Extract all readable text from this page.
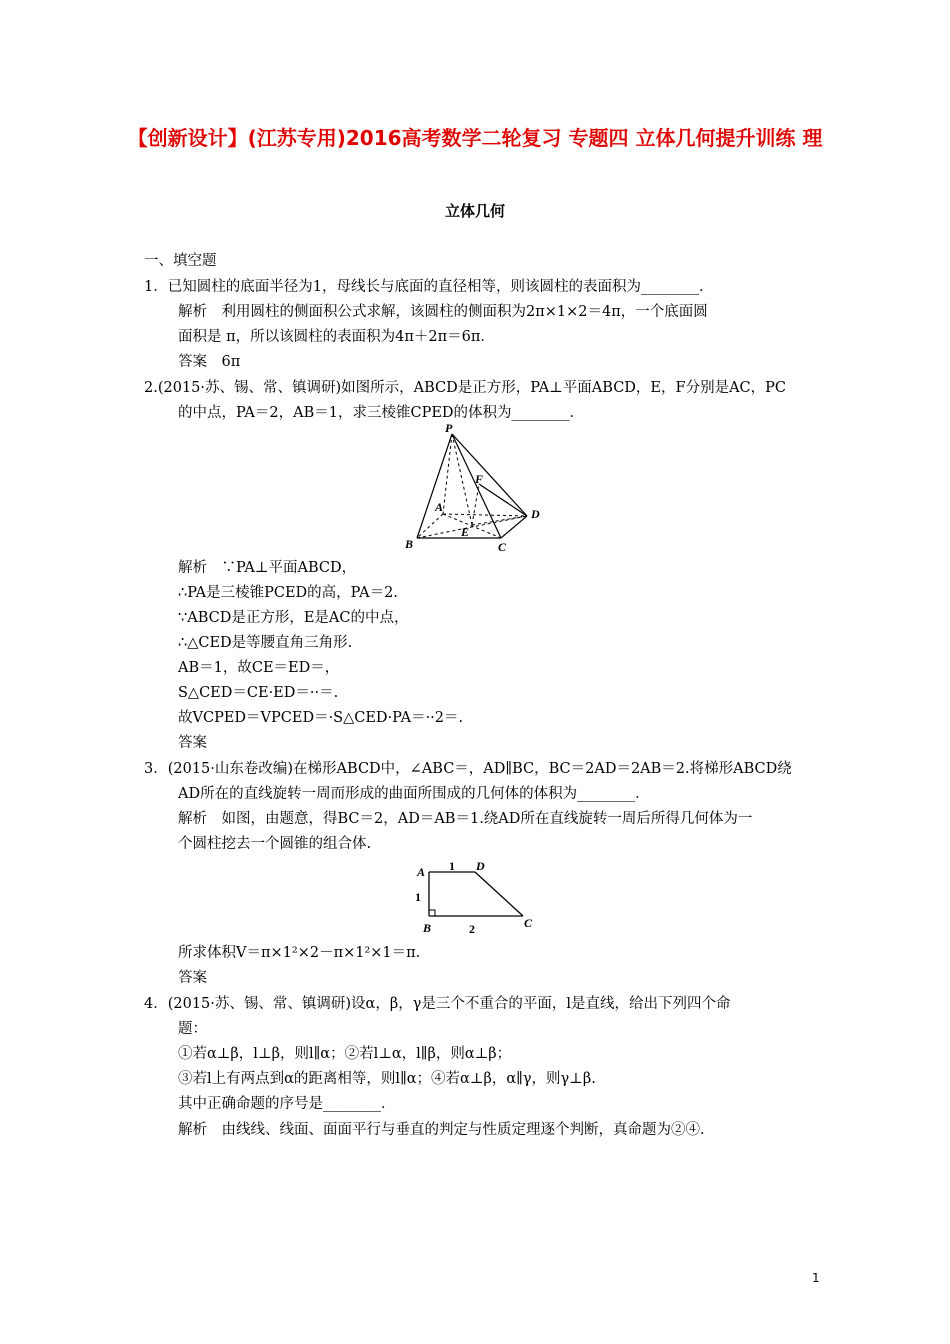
【创新设计】(江苏专用)2016高考数学二轮复习 专题四 立体几何提升训练 理
立体几何
一、填空题
1．已知圆柱的底面半径为1，母线长与底面的直径相等，则该圆柱的表面积为________．
解析　利用圆柱的侧面积公式求解，该圆柱的侧面积为2π×1×2＝4π，一个底面圆
面积是 π，所以该圆柱的表面积为4π＋2π＝6π．
答案　6π
2.(2015·苏、锡、常、镇调研)如图所示，ABCD是正方形，PA⊥平面ABCD，E，F分别是AC，PC
的中点，PA＝2，AB＝1，求三棱锥CPED的体积为________．
P
A
B	C
D
E
F
解析　∵PA⊥平面ABCD，
∴PA是三棱锥PCED的高，PA＝2.
∵ABCD是正方形，E是AC的中点，
∴△CED是等腰直角三角形.
AB＝1，故CE＝ED＝，
S△CED＝CE·ED＝··＝.
故VCPED＝VPCED＝·S△CED·PA＝··2＝.
答案
3．(2015·山东卷改编)在梯形ABCD中，∠ABC＝，AD∥BC，BC＝2AD＝2AB＝2.将梯形ABCD绕
AD所在的直线旋转一周而形成的曲面所围成的几何体的体积为________．
解析　如图，由题意，得BC＝2，AD＝AB＝1.绕AD所在直线旋转一周后所得几何体为一
个圆柱挖去一个圆锥的组合体.
A	D
B	C
1
1
2
所求体积V＝π×1²×2－π×1²×1＝π.
答案
4．(2015·苏、锡、常、镇调研)设α，β，γ是三个不重合的平面，l是直线，给出下列四个命
题：
①若α⊥β，l⊥β，则l∥α；②若l⊥α，l∥β，则α⊥β；
③若l上有两点到α的距离相等，则l∥α；④若α⊥β，α∥γ，则γ⊥β.
其中正确命题的序号是________．
解析　由线线、线面、面面平行与垂直的判定与性质定理逐个判断，真命题为②④.
1
